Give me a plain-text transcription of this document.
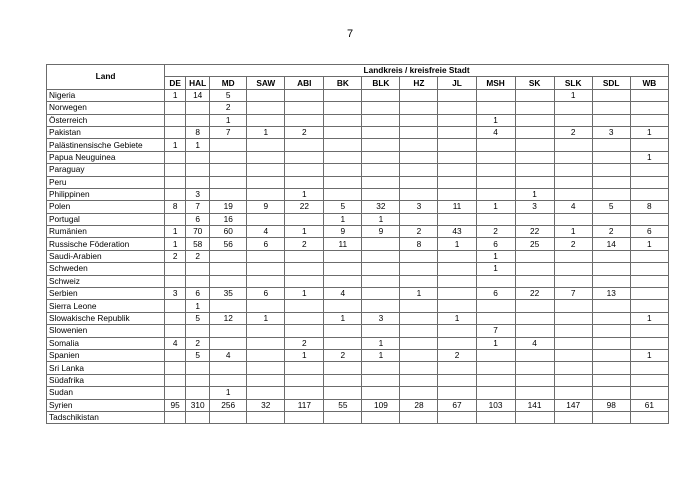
7
Land	Landkreis / kreisfreie Stadt													
	DE	HAL	MD	SAW	ABI	BK	BLK	HZ	JL	MSH	SK	SLK	SDL	WB
Nigeria	1	14	5									1		
Norwegen			2											
Österreich			1							1				
Pakistan		8	7	1	2					4		2	3	1
Palästinensische Gebiete	1	1												
Papua Neuguinea														1
Paraguay														
Peru														
Philippinen		3			1						1			
Polen	8	7	19	9	22	5	32	3	11	1	3	4	5	8
Portugal		6	16			1	1							
Rumänien	1	70	60	4	1	9	9	2	43	2	22	1	2	6
Russische Föderation	1	58	56	6	2	11		8	1	6	25	2	14	1
Saudi-Arabien	2	2								1				
Schweden										1				
Schweiz														
Serbien	3	6	35	6	1	4		1		6	22	7	13	
Sierra Leone		1												
Slowakische Republik		5	12	1		1	3		1					1
Slowenien										7				
Somalia	4	2			2		1			1	4			
Spanien		5	4		1	2	1		2					1
Sri Lanka														
Südafrika														
Sudan			1											
Syrien	95	310	256	32	117	55	109	28	67	103	141	147	98	61
Tadschikistan														
